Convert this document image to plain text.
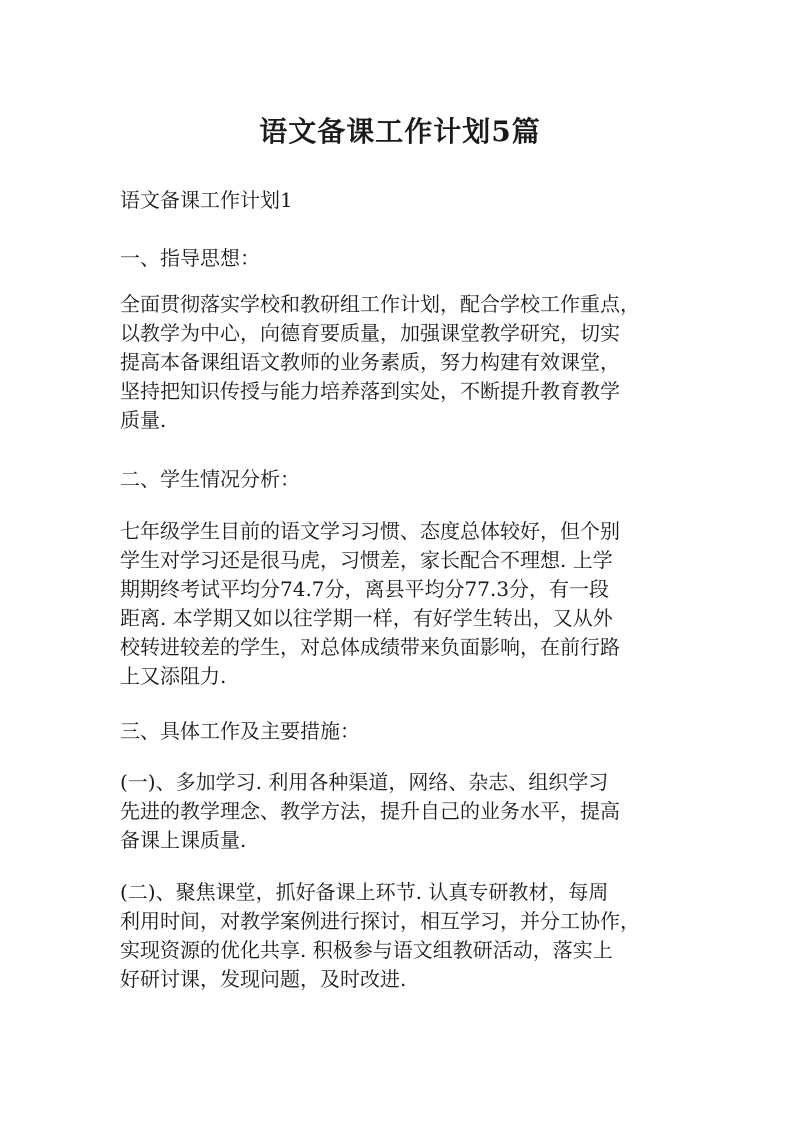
语文备课工作计划5篇

语文备课工作计划1

一、指导思想：

全面贯彻落实学校和教研组工作计划，配合学校工作重点，
以教学为中心，向德育要质量，加强课堂教学研究，切实
提高本备课组语文教师的业务素质，努力构建有效课堂，
坚持把知识传授与能力培养落到实处，不断提升教育教学
质量.

二、学生情况分析：

七年级学生目前的语文学习习惯、态度总体较好，但个别
学生对学习还是很马虎，习惯差，家长配合不理想. 上学
期期终考试平均分74.7分，离县平均分77.3分，有一段
距离. 本学期又如以往学期一样，有好学生转出，又从外
校转进较差的学生，对总体成绩带来负面影响，在前行路
上又添阻力.

三、具体工作及主要措施：

(一)、多加学习. 利用各种渠道，网络、杂志、组织学习
先进的教学理念、教学方法，提升自己的业务水平，提高
备课上课质量.
(二)、聚焦课堂，抓好备课上环节. 认真专研教材，每周
利用时间，对教学案例进行探讨，相互学习，并分工协作，
实现资源的优化共享. 积极参与语文组教研活动，落实上
好研讨课，发现问题，及时改进.
